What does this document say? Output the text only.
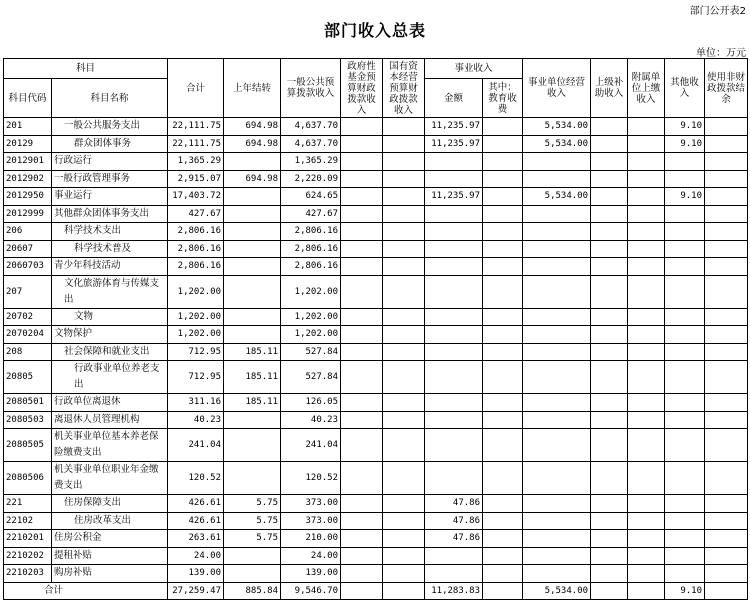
部门公开表2
部门收入总表
单位：万元
科目		合计	上年结转	一般公共预算拨款收入	政府性基金预算财政拨款收入	国有资本经营预算财政拨款收入	事业收入		事业单位经营收入	上级补助收入	附属单位上缴收入	其他收入	使用非财政拨款结余
科目代码	科目名称						金额	其中：教育收费					
201	一般公共服务支出	22,111.75	694.98	4,637.70			11,235.97		5,534.00			9.10	
20129	群众团体事务	22,111.75	694.98	4,637.70			11,235.97		5,534.00			9.10	
2012901	行政运行	1,365.29		1,365.29									
2012902	一般行政管理事务	2,915.07	694.98	2,220.09									
2012950	事业运行	17,403.72		624.65			11,235.97		5,534.00			9.10	
2012999	其他群众团体事务支出	427.67		427.67									
206	科学技术支出	2,806.16		2,806.16									
20607	科学技术普及	2,806.16		2,806.16									
2060703	青少年科技活动	2,806.16		2,806.16									
207	文化旅游体育与传媒支出	1,202.00		1,202.00									
20702	文物	1,202.00		1,202.00									
2070204	文物保护	1,202.00		1,202.00									
208	社会保障和就业支出	712.95	185.11	527.84									
20805	行政事业单位养老支出	712.95	185.11	527.84									
2080501	行政单位离退休	311.16	185.11	126.05									
2080503	离退休人员管理机构	40.23		40.23									
2080505	机关事业单位基本养老保险缴费支出	241.04		241.04									
2080506	机关事业单位职业年金缴费支出	120.52		120.52									
221	住房保障支出	426.61	5.75	373.00			47.86						
22102	住房改革支出	426.61	5.75	373.00			47.86						
2210201	住房公积金	263.61	5.75	210.00			47.86						
2210202	提租补贴	24.00		24.00									
2210203	购房补贴	139.00		139.00									
合计		27,259.47	885.84	9,546.70			11,283.83		5,534.00			9.10	
